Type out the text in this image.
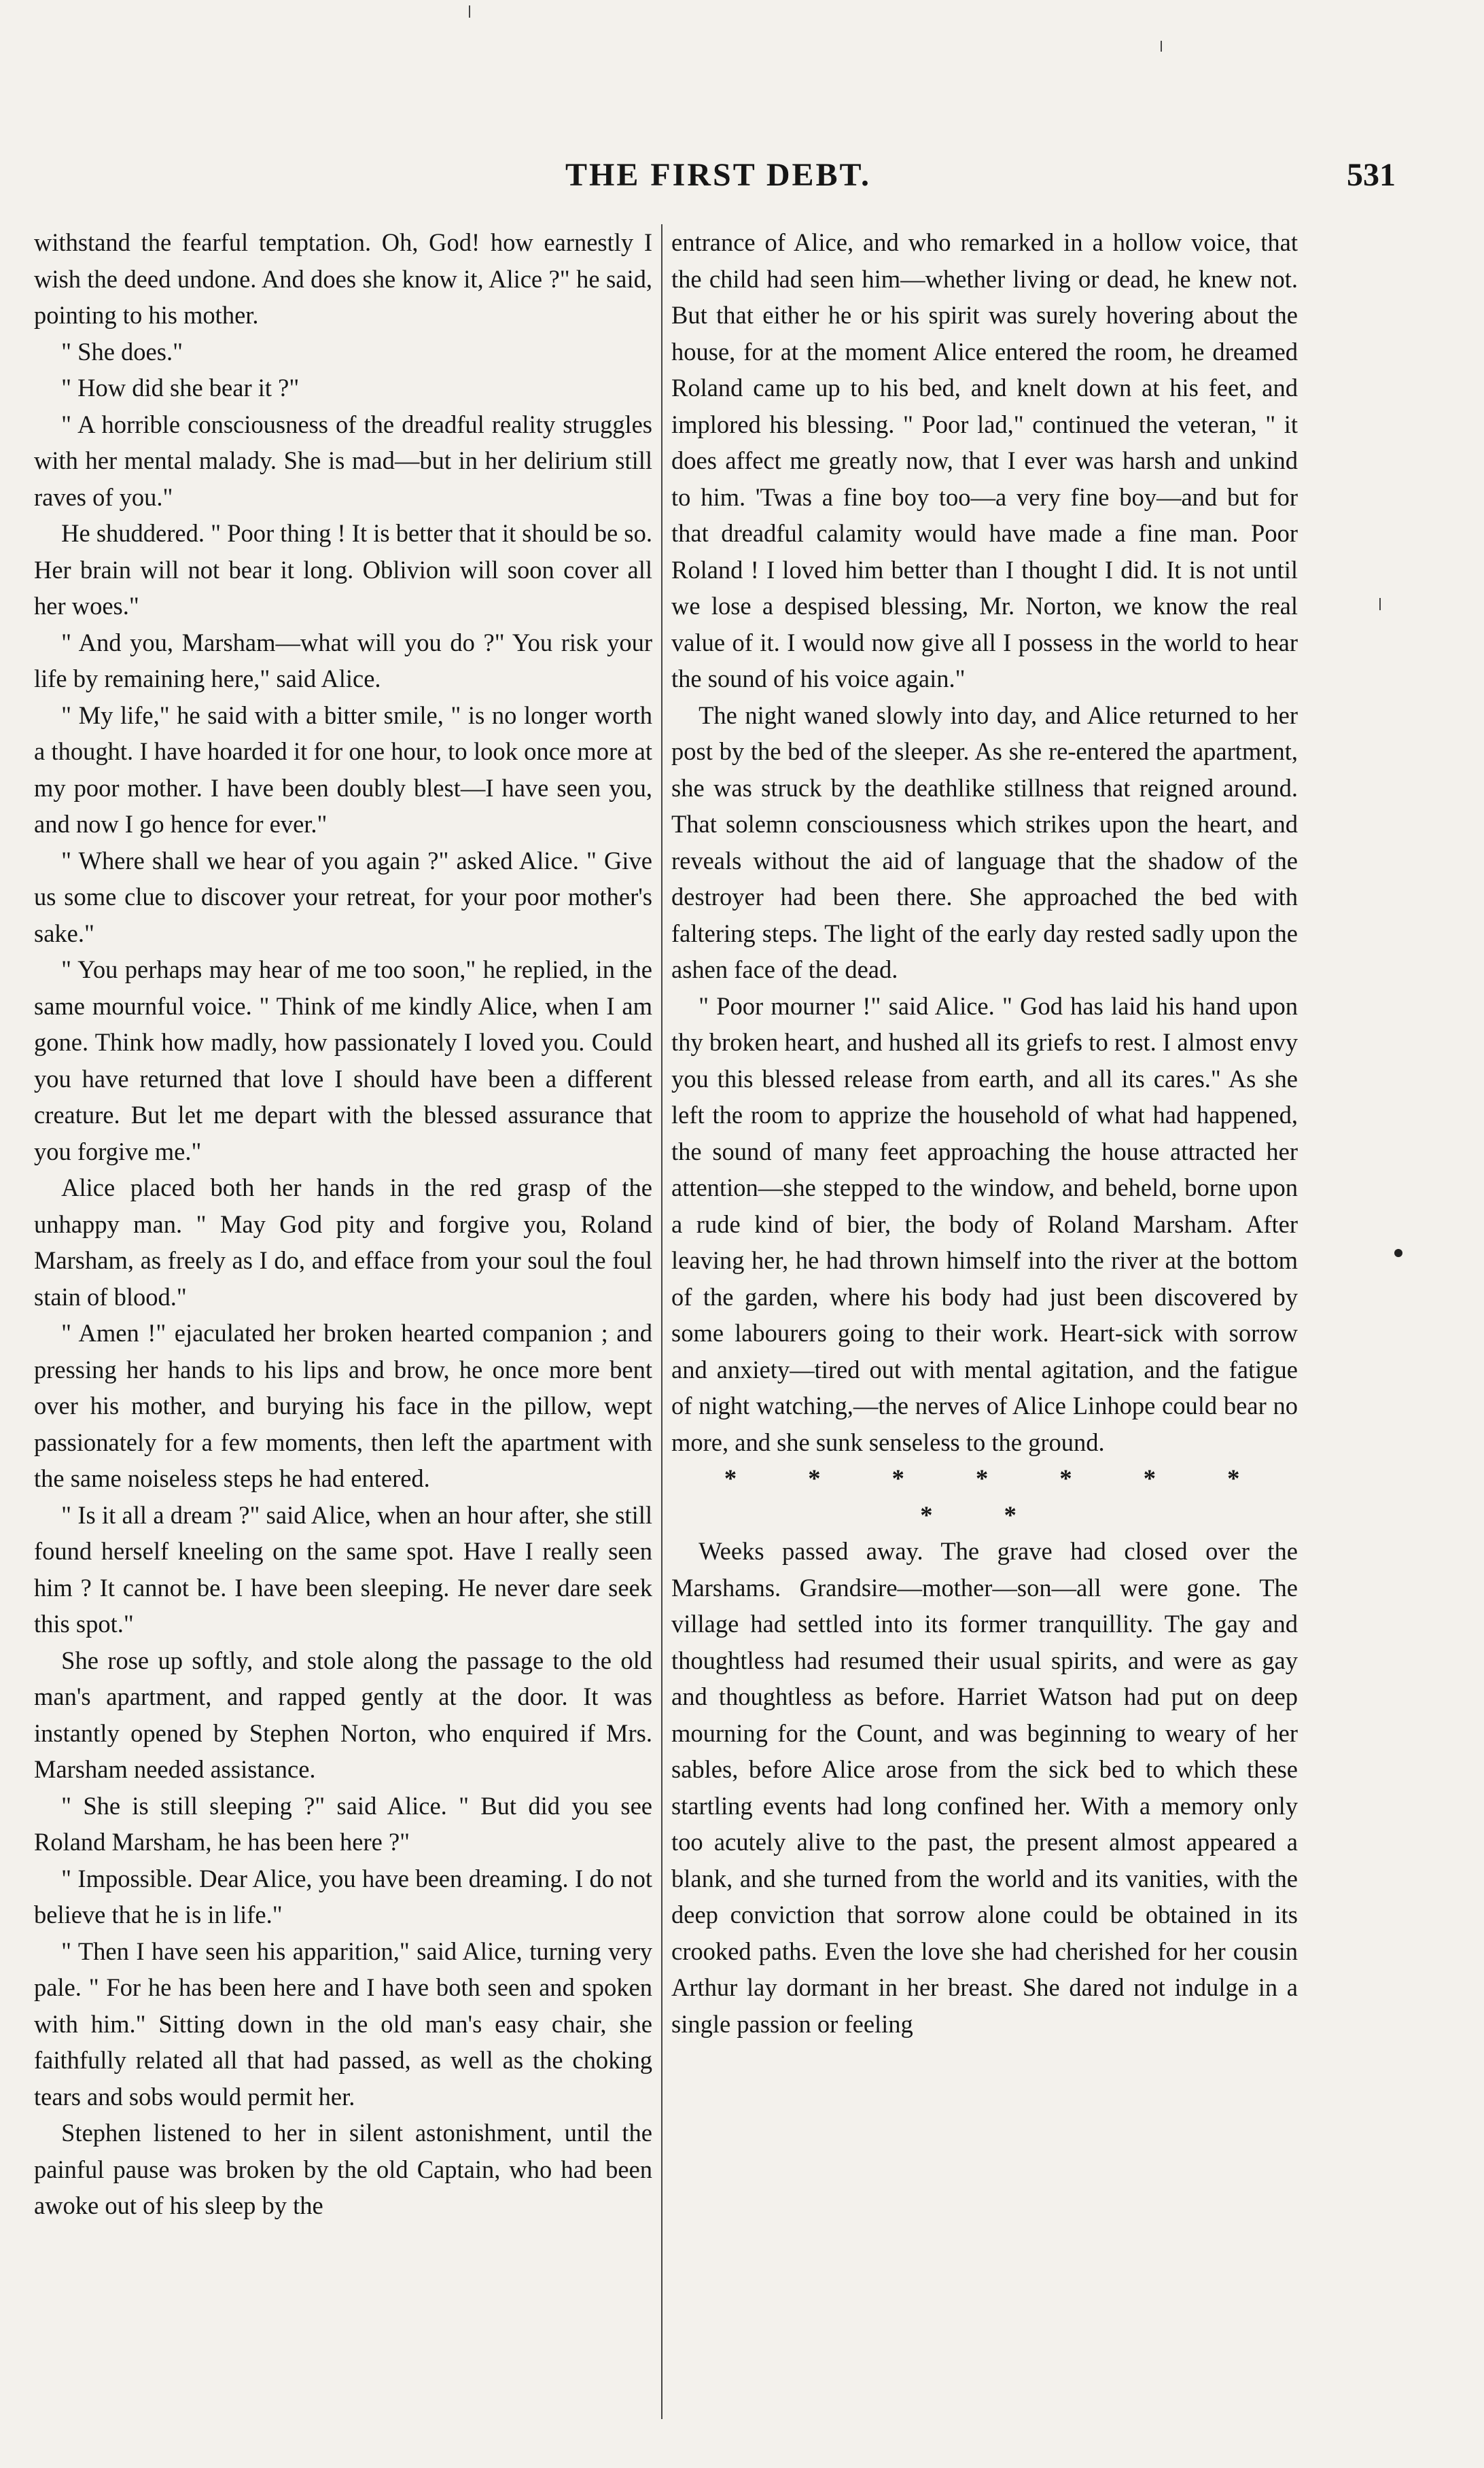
THE FIRST DEBT.	531

withstand the fearful temptation. Oh, God! how earnestly I wish the deed undone. And does she know it, Alice ?" he said, pointing to his mother.

" She does."

" How did she bear it ?"

" A horrible consciousness of the dreadful reality struggles with her mental malady. She is mad—but in her delirium still raves of you."

He shuddered. " Poor thing ! It is better that it should be so. Her brain will not bear it long. Oblivion will soon cover all her woes."

" And you, Marsham—what will you do ?" You risk your life by remaining here," said Alice.

" My life," he said with a bitter smile, " is no longer worth a thought. I have hoarded it for one hour, to look once more at my poor mother. I have been doubly blest—I have seen you, and now I go hence for ever."

" Where shall we hear of you again ?" asked Alice. " Give us some clue to discover your retreat, for your poor mother's sake."

" You perhaps may hear of me too soon," he replied, in the same mournful voice. " Think of me kindly Alice, when I am gone. Think how madly, how passionately I loved you. Could you have returned that love I should have been a different creature. But let me depart with the blessed assurance that you forgive me."

Alice placed both her hands in the red grasp of the unhappy man. " May God pity and forgive you, Roland Marsham, as freely as I do, and efface from your soul the foul stain of blood."

" Amen !" ejaculated her broken hearted companion ; and pressing her hands to his lips and brow, he once more bent over his mother, and burying his face in the pillow, wept passionately for a few moments, then left the apartment with the same noiseless steps he had entered.

" Is it all a dream ?" said Alice, when an hour after, she still found herself kneeling on the same spot. Have I really seen him ? It cannot be. I have been sleeping. He never dare seek this spot."

She rose up softly, and stole along the passage to the old man's apartment, and rapped gently at the door. It was instantly opened by Stephen Norton, who enquired if Mrs. Marsham needed assistance.

" She is still sleeping ?" said Alice. " But did you see Roland Marsham, he has been here ?"

" Impossible. Dear Alice, you have been dreaming. I do not believe that he is in life."

" Then I have seen his apparition," said Alice, turning very pale. " For he has been here and I have both seen and spoken with him." Sitting down in the old man's easy chair, she faithfully related all that had passed, as well as the choking tears and sobs would permit her.

Stephen listened to her in silent astonishment, until the painful pause was broken by the old Captain, who had been awoke out of his sleep by the

entrance of Alice, and who remarked in a hollow voice, that the child had seen him—whether living or dead, he knew not. But that either he or his spirit was surely hovering about the house, for at the moment Alice entered the room, he dreamed Roland came up to his bed, and knelt down at his feet, and implored his blessing. " Poor lad," continued the veteran, " it does affect me greatly now, that I ever was harsh and unkind to him. 'Twas a fine boy too—a very fine boy—and but for that dreadful calamity would have made a fine man. Poor Roland ! I loved him better than I thought I did. It is not until we lose a despised blessing, Mr. Norton, we know the real value of it. I would now give all I possess in the world to hear the sound of his voice again."

The night waned slowly into day, and Alice returned to her post by the bed of the sleeper. As she re-entered the apartment, she was struck by the deathlike stillness that reigned around. That solemn consciousness which strikes upon the heart, and reveals without the aid of language that the shadow of the destroyer had been there. She approached the bed with faltering steps. The light of the early day rested sadly upon the ashen face of the dead.

" Poor mourner !" said Alice. " God has laid his hand upon thy broken heart, and hushed all its griefs to rest. I almost envy you this blessed release from earth, and all its cares." As she left the room to apprize the household of what had happened, the sound of many feet approaching the house attracted her attention—she stepped to the window, and beheld, borne upon a rude kind of bier, the body of Roland Marsham. After leaving her, he had thrown himself into the river at the bottom of the garden, where his body had just been discovered by some labourers going to their work. Heart-sick with sorrow and anxiety—tired out with mental agitation, and the fatigue of night watching,—the nerves of Alice Linhope could bear no more, and she sunk senseless to the ground.

* * * * * * * * *

Weeks passed away. The grave had closed over the Marshams. Grandsire—mother—son—all were gone. The village had settled into its former tranquillity. The gay and thoughtless had resumed their usual spirits, and were as gay and thoughtless as before. Harriet Watson had put on deep mourning for the Count, and was beginning to weary of her sables, before Alice arose from the sick bed to which these startling events had long confined her. With a memory only too acutely alive to the past, the present almost appeared a blank, and she turned from the world and its vanities, with the deep conviction that sorrow alone could be obtained in its crooked paths. Even the love she had cherished for her cousin Arthur lay dormant in her breast. She dared not indulge in a single passion or feeling
